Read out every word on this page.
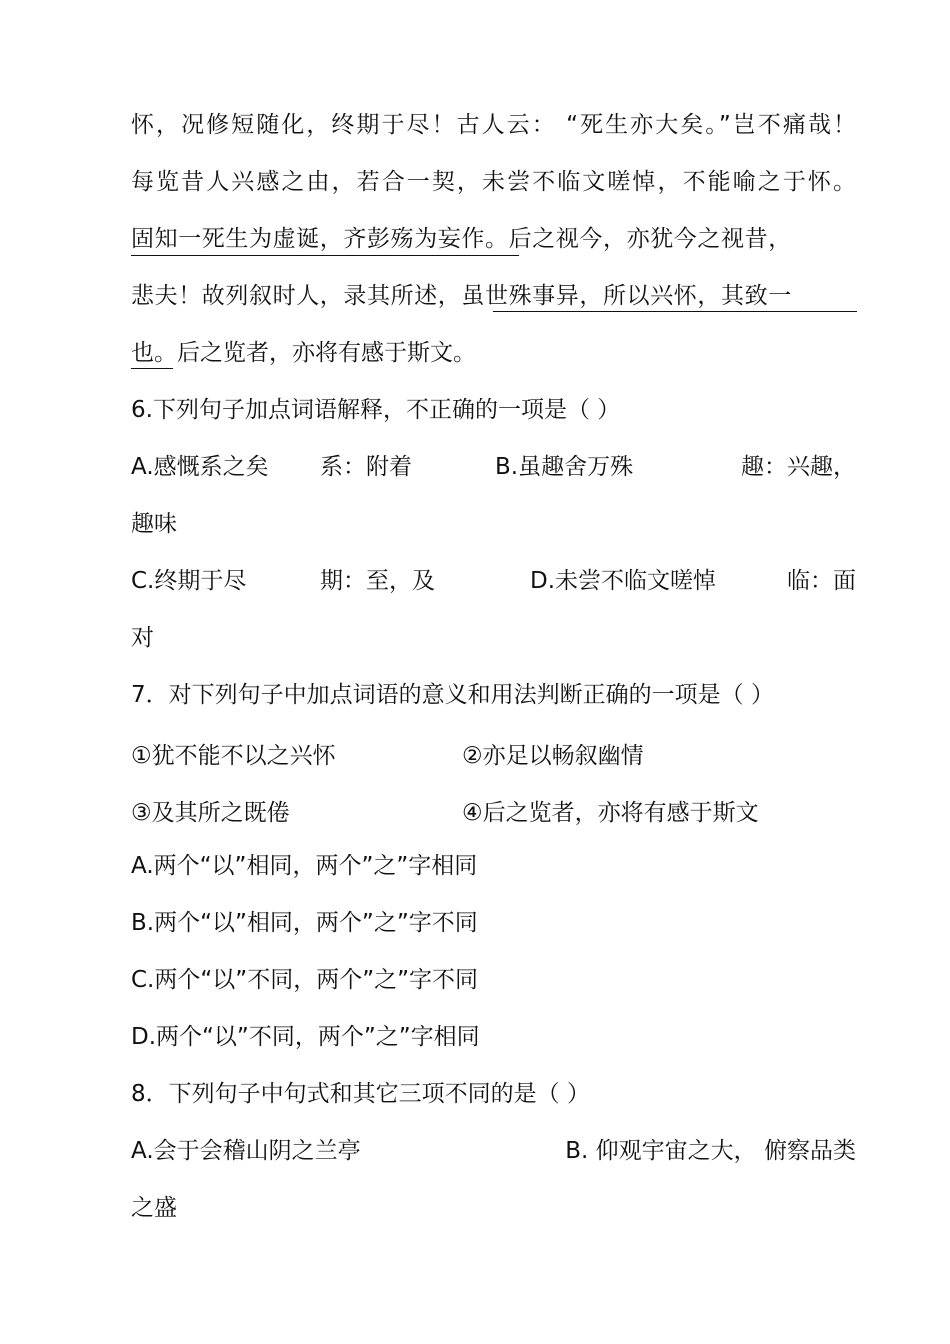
怀，况修短随化，终期于尽！古人云： “死生亦大矣。”岂不痛哉！
每览昔人兴感之由，若合一契，未尝不临文嗟悼，不能喻之于怀。
固知一死生为虚诞，齐彭殇为妄作。后之视今，亦犹今之视昔，
悲夫！故列叙时人，录其所述，虽世殊事异，所以兴怀，其致一
也。后之览者，亦将有感于斯文。
6.下列句子加点词语解释，不正确的一项是（ ）
A.感慨系之矣 系：附着	B.虽趣舍万殊	趣：兴趣，
趣味
C.终期于尽	期：至，及	D.未尝不临文嗟悼	临：面
对
7．对下列句子中加点词语的意义和用法判断正确的一项是（ ）
①犹不能不以之兴怀	②亦足以畅叙幽情
③及其所之既倦	④后之览者，亦将有感于斯文
A.两个“以”相同，两个”之”字相同
B.两个“以”相同，两个”之”字不同
C.两个“以”不同，两个”之”字不同
D.两个“以”不同，两个”之”字相同
8．下列句子中句式和其它三项不同的是（ ）
A.会于会稽山阴之兰亭	B. 仰观宇宙之大， 俯察品类
之盛
